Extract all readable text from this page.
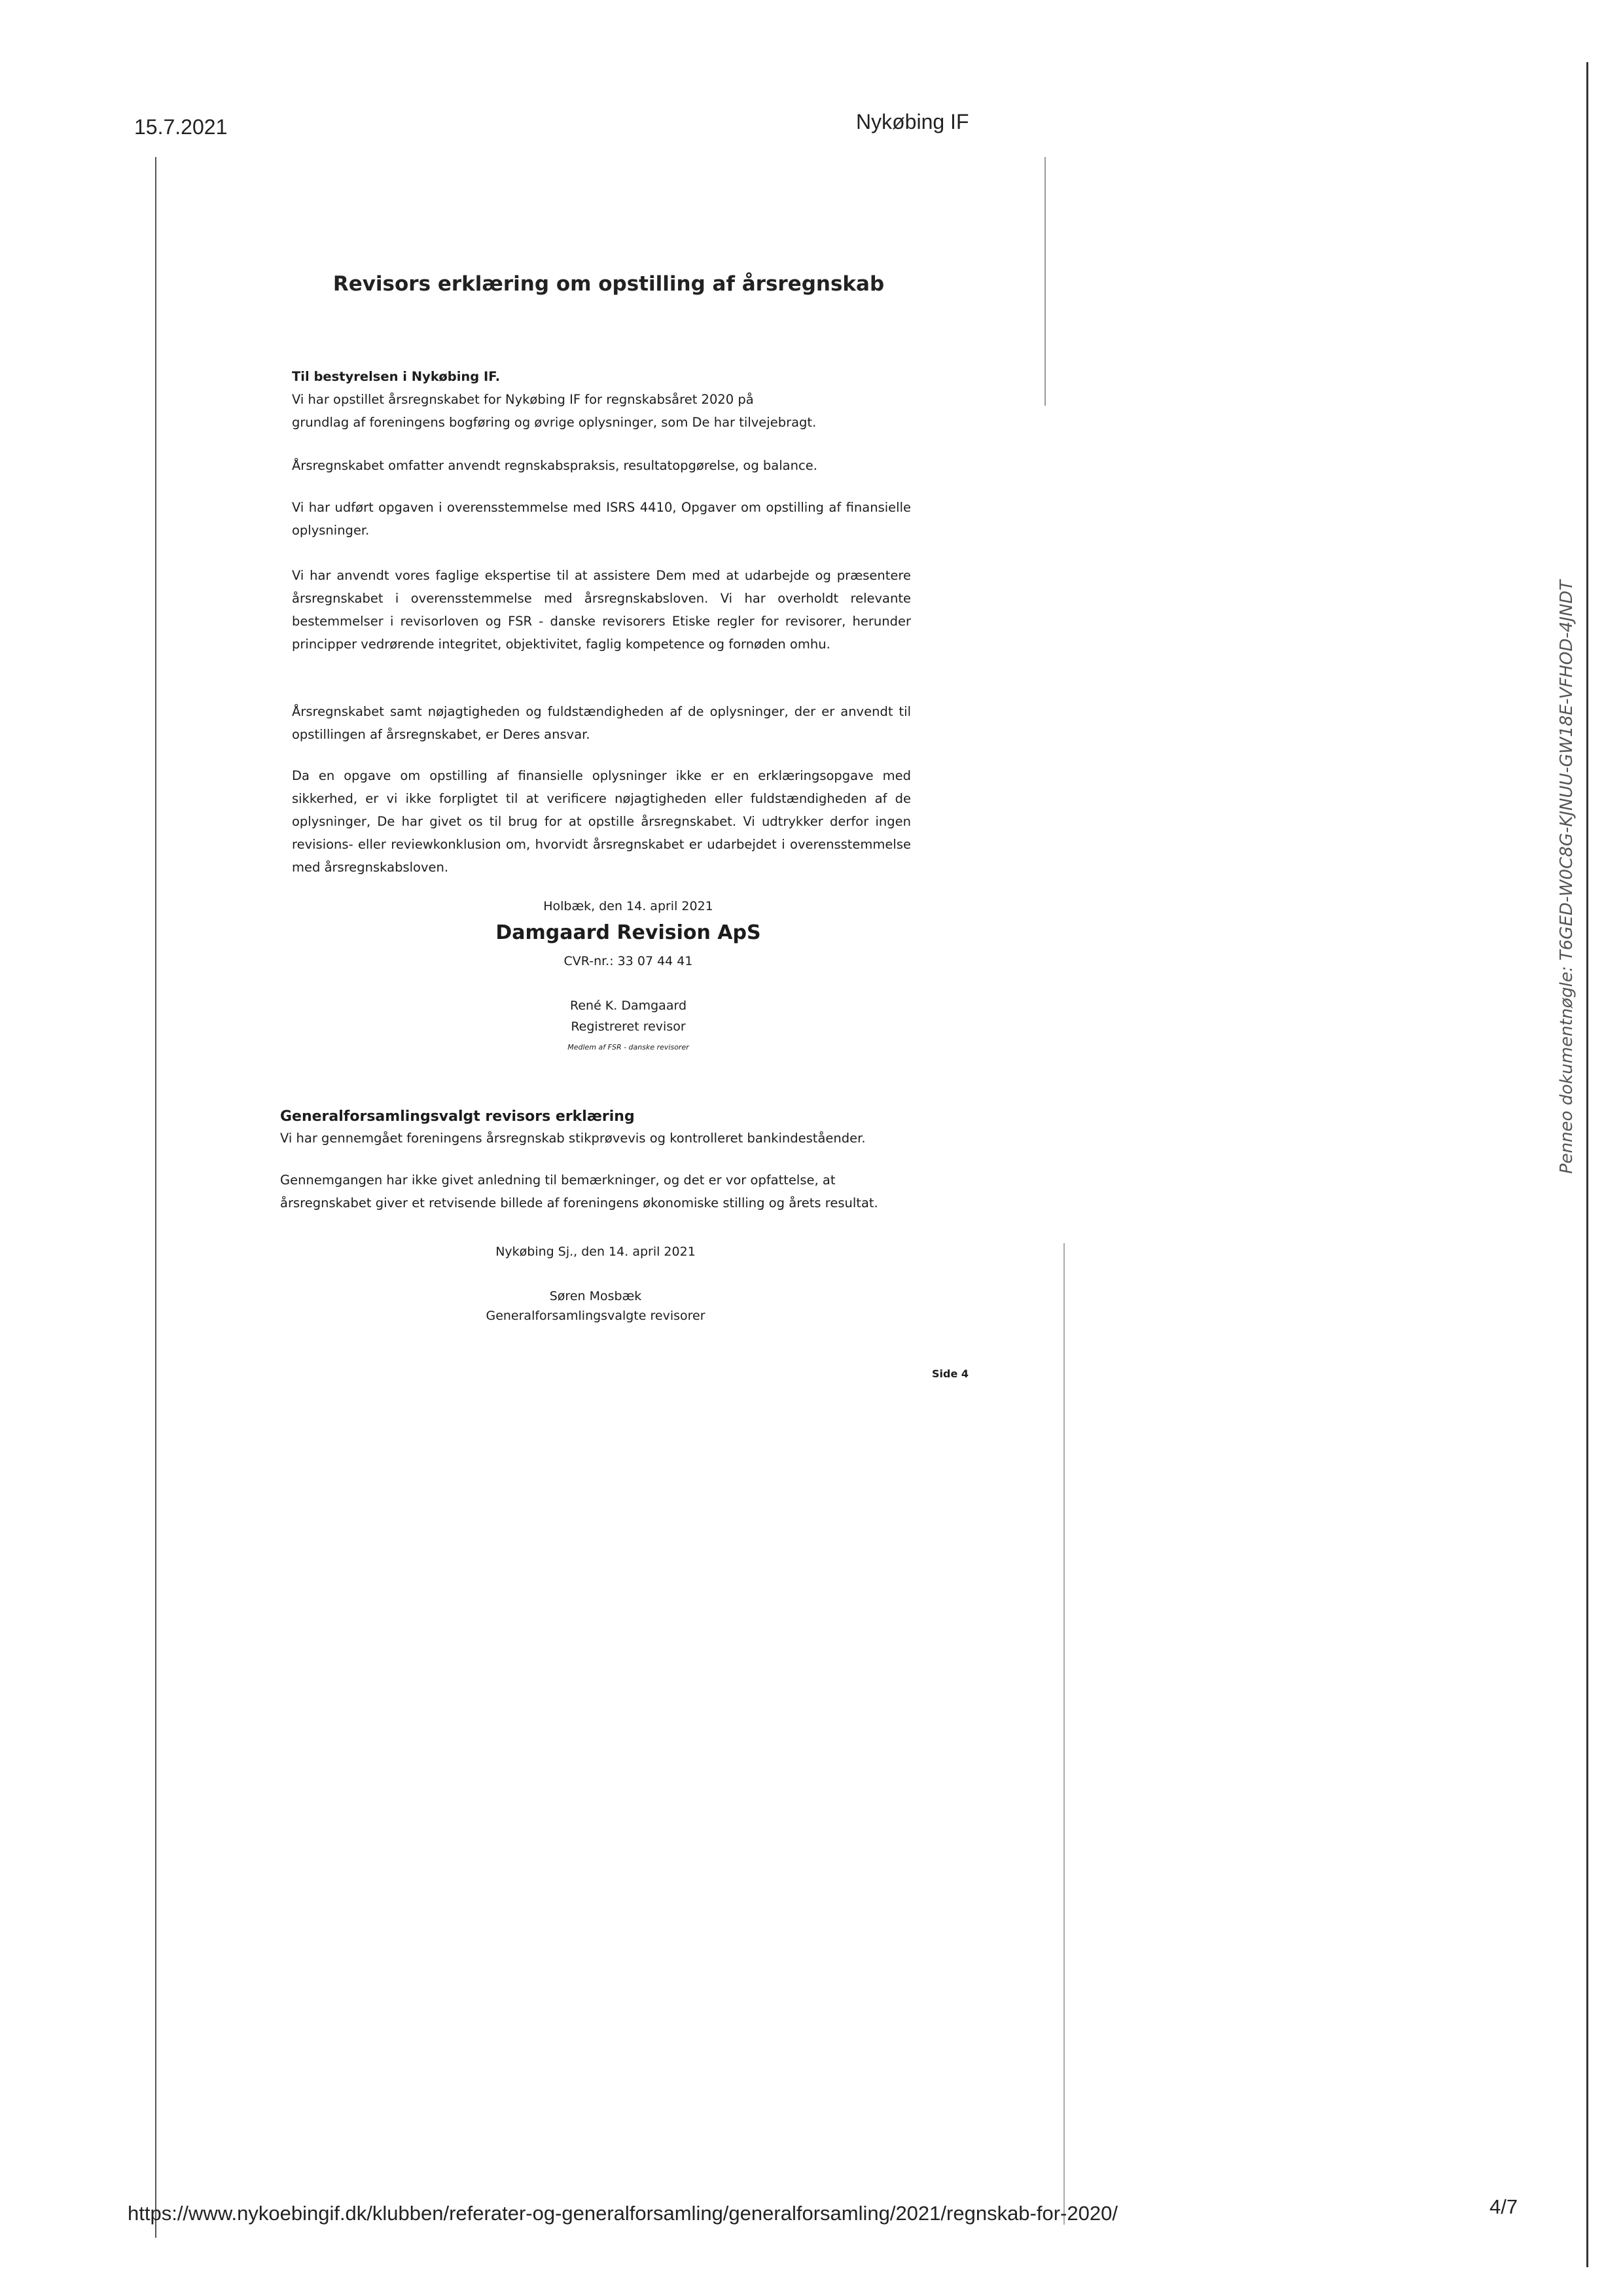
15.7.2021	Nykøbing IF
Revisors erklæring om opstilling af årsregnskab

Til bestyrelsen i Nykøbing IF.

Vi har opstillet årsregnskabet for Nykøbing IF for regnskabsåret 2020 på

grundlag af foreningens bogføring og øvrige oplysninger, som De har tilvejebragt.

Årsregnskabet omfatter anvendt regnskabspraksis, resultatopgørelse, og balance.
Vi har udført opgaven i overensstemmelse med ISRS 4410, Opgaver om opstilling af finansielle oplysninger.
Vi har anvendt vores faglige ekspertise til at assistere Dem med at udarbejde og præsentere årsregnskabet i overensstemmelse med årsregnskabsloven. Vi har overholdt relevante bestemmelser i revisorloven og FSR - danske revisorers Etiske regler for revisorer, herunder principper vedrørende integritet, objektivitet, faglig kompetence og fornøden omhu.
Årsregnskabet samt nøjagtigheden og fuldstændigheden af de oplysninger, der er anvendt til opstillingen af årsregnskabet, er Deres ansvar.
Da en opgave om opstilling af finansielle oplysninger ikke er en erklæringsopgave med sikkerhed, er vi ikke forpligtet til at verificere nøjagtigheden eller fuldstændigheden af de oplysninger, De har givet os til brug for at opstille årsregnskabet. Vi udtrykker derfor ingen revisions- eller reviewkonklusion om, hvorvidt årsregnskabet er udarbejdet i overensstemmelse med årsregnskabsloven.
Holbæk, den 14. april 2021
Damgaard Revision ApS
CVR-nr.: 33 07 44 41
René K. Damgaard
Registreret revisor
Medlem af FSR - danske revisorer
Generalforsamlingsvalgt revisors erklæring
Vi har gennemgået foreningens årsregnskab stikprøvevis og kontrolleret bankindeståender.
Gennemgangen har ikke givet anledning til bemærkninger, og det er vor opfattelse, at årsregnskabet giver et retvisende billede af foreningens økonomiske stilling og årets resultat.
Nykøbing Sj., den 14. april 2021
Søren Mosbæk
Generalforsamlingsvalgte revisorer
Side 4
Penneo dokumentnøgle: T6GED-W0C8G-KJNUU-GW18E-VFHOD-4JNDT
https://www.nykoebingif.dk/klubben/referater-og-generalforsamling/generalforsamling/2021/regnskab-for-2020/	4/7
